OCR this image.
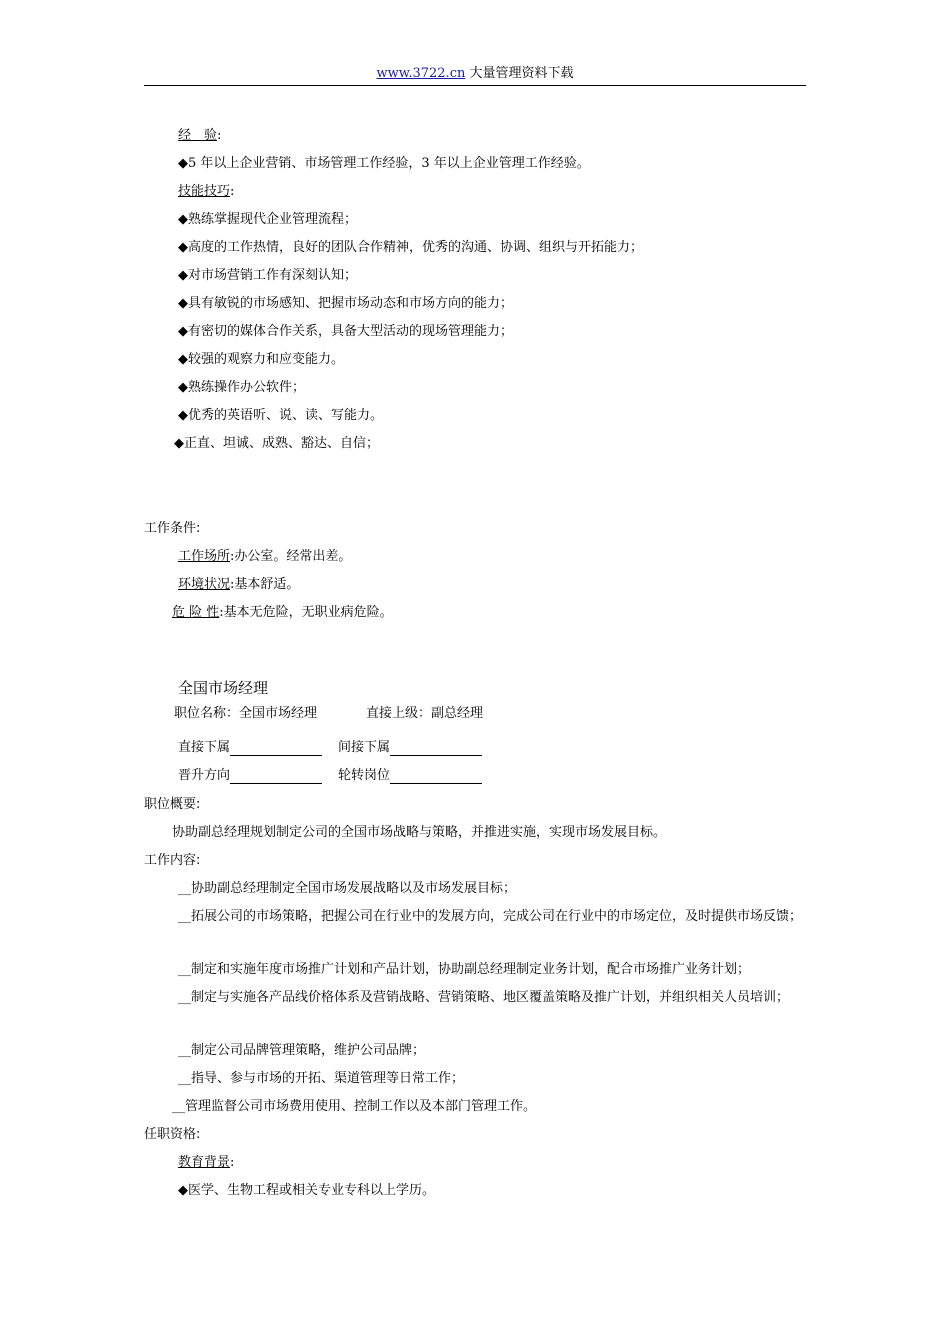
www.3722.cn 大量管理资料下载
经　验:
◆5 年以上企业营销、市场管理工作经验，3 年以上企业管理工作经验。
技能技巧:
◆熟练掌握现代企业管理流程；
◆高度的工作热情，良好的团队合作精神，优秀的沟通、协调、组织与开拓能力；
◆对市场营销工作有深刻认知；
◆具有敏锐的市场感知、把握市场动态和市场方向的能力；
◆有密切的媒体合作关系，具备大型活动的现场管理能力；
◆较强的观察力和应变能力。
◆熟练操作办公软件；
◆优秀的英语听、说、读、写能力。
◆正直、坦诚、成熟、豁达、自信；
工作条件:
工作场所:办公室。经常出差。
环境状况:基本舒适。
危 险 性:基本无危险，无职业病危险。
全国市场经理
职位名称：全国市场经理	直接上级：副总经理
直接下属	间接下属
晋升方向	轮转岗位
职位概要:
协助副总经理规划制定公司的全国市场战略与策略，并推进实施，实现市场发展目标。
工作内容:
__协助副总经理制定全国市场发展战略以及市场发展目标；
__拓展公司的市场策略，把握公司在行业中的发展方向，完成公司在行业中的市场定位，及时提供市场反馈；
__制定和实施年度市场推广计划和产品计划，协助副总经理制定业务计划，配合市场推广业务计划；
__制定与实施各产品线价格体系及营销战略、营销策略、地区覆盖策略及推广计划，并组织相关人员培训；
__制定公司品牌管理策略，维护公司品牌；
__指导、参与市场的开拓、渠道管理等日常工作；
__管理监督公司市场费用使用、控制工作以及本部门管理工作。
任职资格:
教育背景:
◆医学、生物工程或相关专业专科以上学历。
